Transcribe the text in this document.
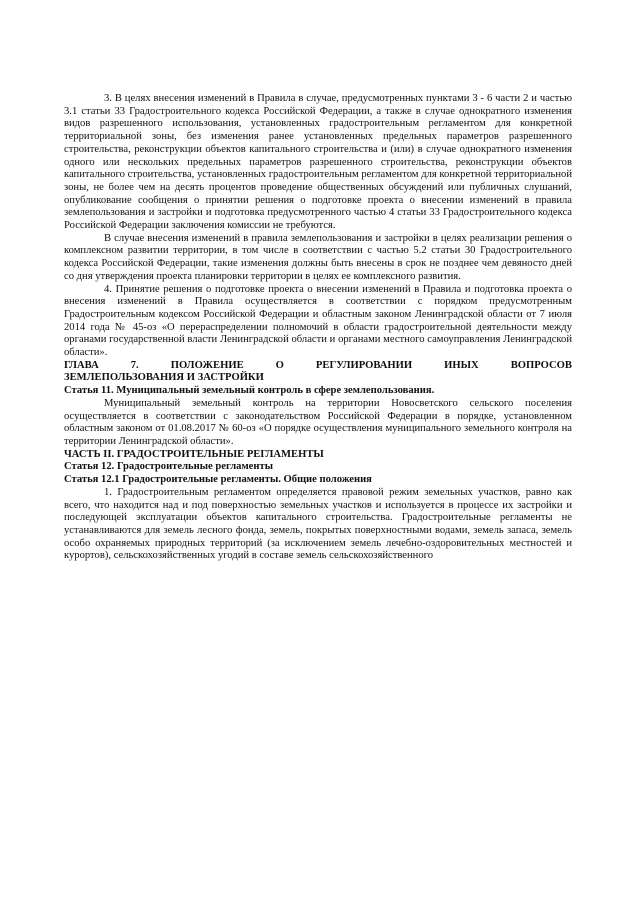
3. В целях внесения изменений в Правила в случае, предусмотренных пунктами 3 - 6 части 2 и частью 3.1 статьи 33 Градостроительного кодекса Российской Федерации, а также в случае однократного изменения видов разрешенного использования, установленных градостроительным регламентом для конкретной территориальной зоны, без изменения ранее установленных предельных параметров разрешенного строительства, реконструкции объектов капитального строительства и (или) в случае однократного изменения одного или нескольких предельных параметров разрешенного строительства, реконструкции объектов капитального строительства, установленных градостроительным регламентом для конкретной территориальной зоны, не более чем на десять процентов проведение общественных обсуждений или публичных слушаний, опубликование сообщения о принятии решения о подготовке проекта о внесении изменений в правила землепользования и застройки и подготовка предусмотренного частью 4 статьи 33 Градостроительного кодекса Российской Федерации заключения комиссии не требуются.

В случае внесения изменений в правила землепользования и застройки в целях реализации решения о комплексном развитии территории, в том числе в соответствии с частью 5.2 статьи 30 Градостроительного кодекса Российской Федерации, такие изменения должны быть внесены в срок не позднее чем девяносто дней со дня утверждения проекта планировки территории в целях ее комплексного развития.

4. Принятие решения о подготовке проекта о внесении изменений в Правила и подготовка проекта о внесения изменений в Правила осуществляется в соответствии с порядком предусмотренным Градостроительным кодексом Российской Федерации и областным законом Ленинградской области от 7 июля 2014 года № 45-оз «О перераспределении полномочий в области градостроительной деятельности между органами государственной власти Ленинградской области и органами местного самоуправления Ленинградской области».

ГЛАВА 7. ПОЛОЖЕНИЕ О РЕГУЛИРОВАНИИ ИНЫХ ВОПРОСОВ

ЗЕМЛЕПОЛЬЗОВАНИЯ И ЗАСТРОЙКИ

Статья 11. Муниципальный земельный контроль в сфере землепользования.

Муниципальный земельный контроль на территории Новосветского сельского поселения осуществляется в соответствии с законодательством Российской Федерации в порядке, установленном областным законом от 01.08.2017 № 60-оз «О порядке осуществления муниципального земельного контроля на территории Ленинградской области».

ЧАСТЬ II. ГРАДОСТРОИТЕЛЬНЫЕ РЕГЛАМЕНТЫ

Статья 12. Градостроительные регламенты

Статья 12.1 Градостроительные регламенты. Общие положения

1. Градостроительным регламентом определяется правовой режим земельных участков, равно как всего, что находится над и под поверхностью земельных участков и используется в процессе их застройки и последующей эксплуатации объектов капитального строительства. Градостроительные регламенты не устанавливаются для земель лесного фонда, земель, покрытых поверхностными водами, земель запаса, земель особо охраняемых природных территорий (за исключением земель лечебно-оздоровительных местностей и курортов), сельскохозяйственных угодий в составе земель сельскохозяйственного
